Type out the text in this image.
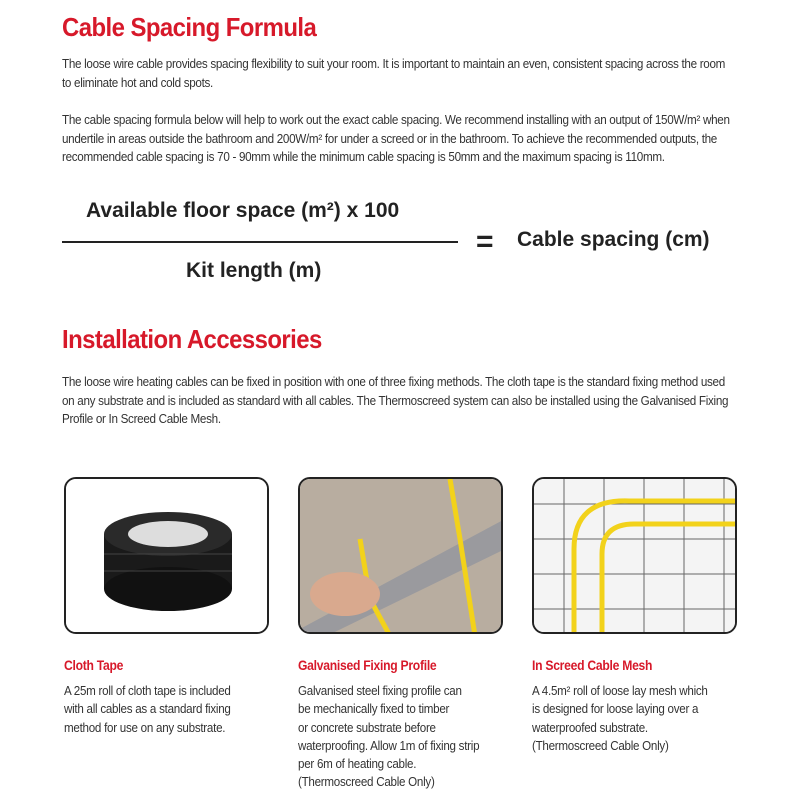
Cable Spacing Formula

The loose wire cable provides spacing flexibility to suit your room. It is important to maintain an even, consistent spacing across the room to eliminate hot and cold spots.

The cable spacing formula below will help to work out the exact cable spacing. We recommend installing with an output of 150W/m² when undertile in areas outside the bathroom and 200W/m² for under a screed or in the bathroom. To achieve the recommended outputs, the recommended cable spacing is 70 - 90mm while the minimum cable spacing is 50mm and the maximum spacing is 110mm.

Available floor space (m²) x 100
Kit length (m)
= Cable spacing (cm)
Installation Accessories

The loose wire heating cables can be fixed in position with one of three fixing methods. The cloth tape is the standard fixing method used on any substrate and is included as standard with all cables. The Thermoscreed system can also be installed using the Galvanised Fixing Profile or In Screed Cable Mesh.

Cloth Tape
A 25m roll of cloth tape is included
with all cables as a standard fixing
method for use on any substrate.
Galvanised Fixing Profile
Galvanised steel fixing profile can
be mechanically fixed to timber
or concrete substrate before
waterproofing. Allow 1m of fixing strip
per 6m of heating cable.
(Thermoscreed Cable Only)
In Screed Cable Mesh
A 4.5m² roll of loose lay mesh which
is designed for loose laying over a
waterproofed substrate.
(Thermoscreed Cable Only)
